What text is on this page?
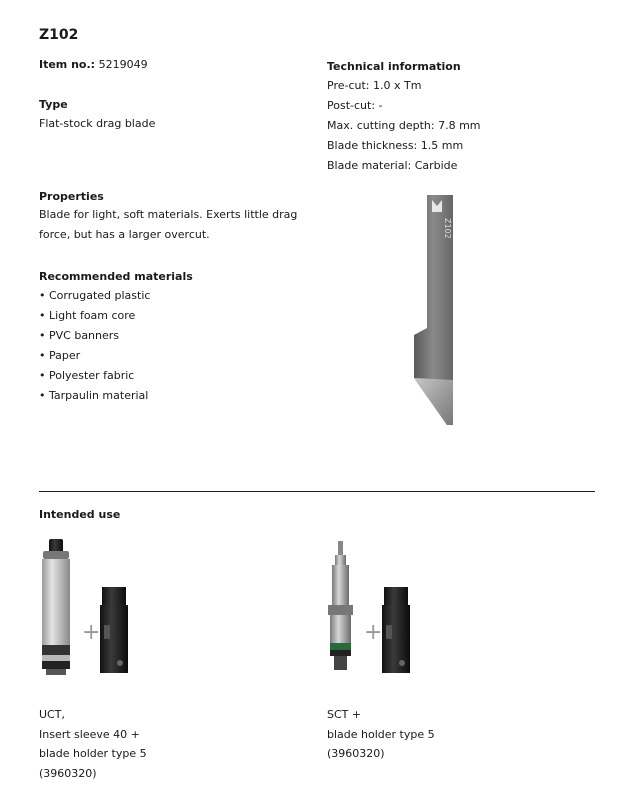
Z102
Item no.: 5219049
Type
Flat-stock drag blade
Technical information
Pre-cut: 1.0 x Tm
Post-cut: -
Max. cutting depth: 7.8 mm
Blade thickness: 1.5 mm
Blade material: Carbide
Properties
Blade for light, soft materials. Exerts little drag force, but has a larger overcut.
Recommended materials
• Corrugated plastic
• Light foam core
• PVC banners
• Paper
• Polyester fabric
• Tarpaulin material
Z102
Intended use
+	+
UCT,
Insert sleeve 40 +
blade holder type 5
(3960320)
SCT +
blade holder type 5
(3960320)
